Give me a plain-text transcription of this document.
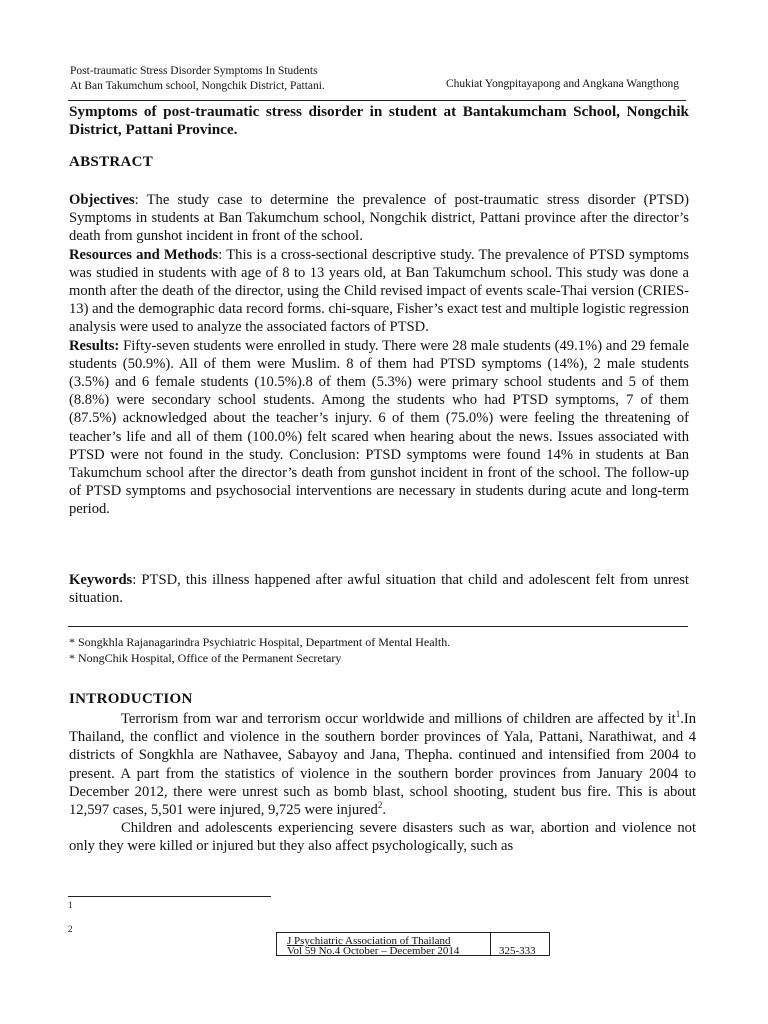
Post-traumatic Stress Disorder Symptoms In Students
At Ban Takumchum school, Nongchik District, Pattani.	Chukiat Yongpitayapong and Angkana Wangthong
Symptoms of post-traumatic stress disorder in student at Bantakumcham School, Nongchik District, Pattani Province.
ABSTRACT

Objectives: The study case to determine the prevalence of post-traumatic stress disorder (PTSD) Symptoms in students at Ban Takumchum school, Nongchik district, Pattani province after the director’s death from gunshot incident in front of the school.

Resources and Methods: This is a cross-sectional descriptive study. The prevalence of PTSD symptoms was studied in students with age of 8 to 13 years old, at Ban Takumchum school. This study was done a month after the death of the director, using the Child revised impact of events scale-Thai version (CRIES-13) and the demographic data record forms. chi-square, Fisher’s exact test and multiple logistic regression analysis were used to analyze the associated factors of PTSD.

Results: Fifty-seven students were enrolled in study. There were 28 male students (49.1%) and 29 female students (50.9%). All of them were Muslim. 8 of them had PTSD symptoms (14%), 2 male students (3.5%) and 6 female students (10.5%).8 of them (5.3%) were primary school students and 5 of them (8.8%) were secondary school students. Among the students who had PTSD symptoms, 7 of them (87.5%) acknowledged about the teacher’s injury. 6 of them (75.0%) were feeling the threatening of teacher’s life and all of them (100.0%) felt scared when hearing about the news. Issues associated with PTSD were not found in the study. Conclusion: PTSD symptoms were found 14% in students at Ban Takumchum school after the director’s death from gunshot incident in front of the school. The follow-up of PTSD symptoms and psychosocial interventions are necessary in students during acute and long-term period.

Keywords: PTSD, this illness happened after awful situation that child and adolescent felt from unrest situation.
* Songkhla Rajanagarindra Psychiatric Hospital, Department of Mental Health.
* NongChik Hospital, Office of the Permanent Secretary
INTRODUCTION

Terrorism from war and terrorism occur worldwide and millions of children are affected by $it^1.In$ Thailand, the conflict and violence in the southern border provinces of Yala, Pattani, Narathiwat, and 4 districts of Songkhla are Nathavee, Sabayoy and Jana, Thepha. continued and intensified from 2004 to present. A part from the statistics of violence in the southern border provinces from January 2004 to December 2012, there were unrest such as bomb blast, school shooting, student bus fire. This is about 12,597 cases, 5,501 were injured, 9,725 were injured$^2$.

Children and adolescents experiencing severe disasters such as war, abortion and violence not only they were killed or injured but they also affect psychologically, such as

1
2
J Psychiatric Association of Thailand
Vol 59 No.4 October – December 2014	325-333
